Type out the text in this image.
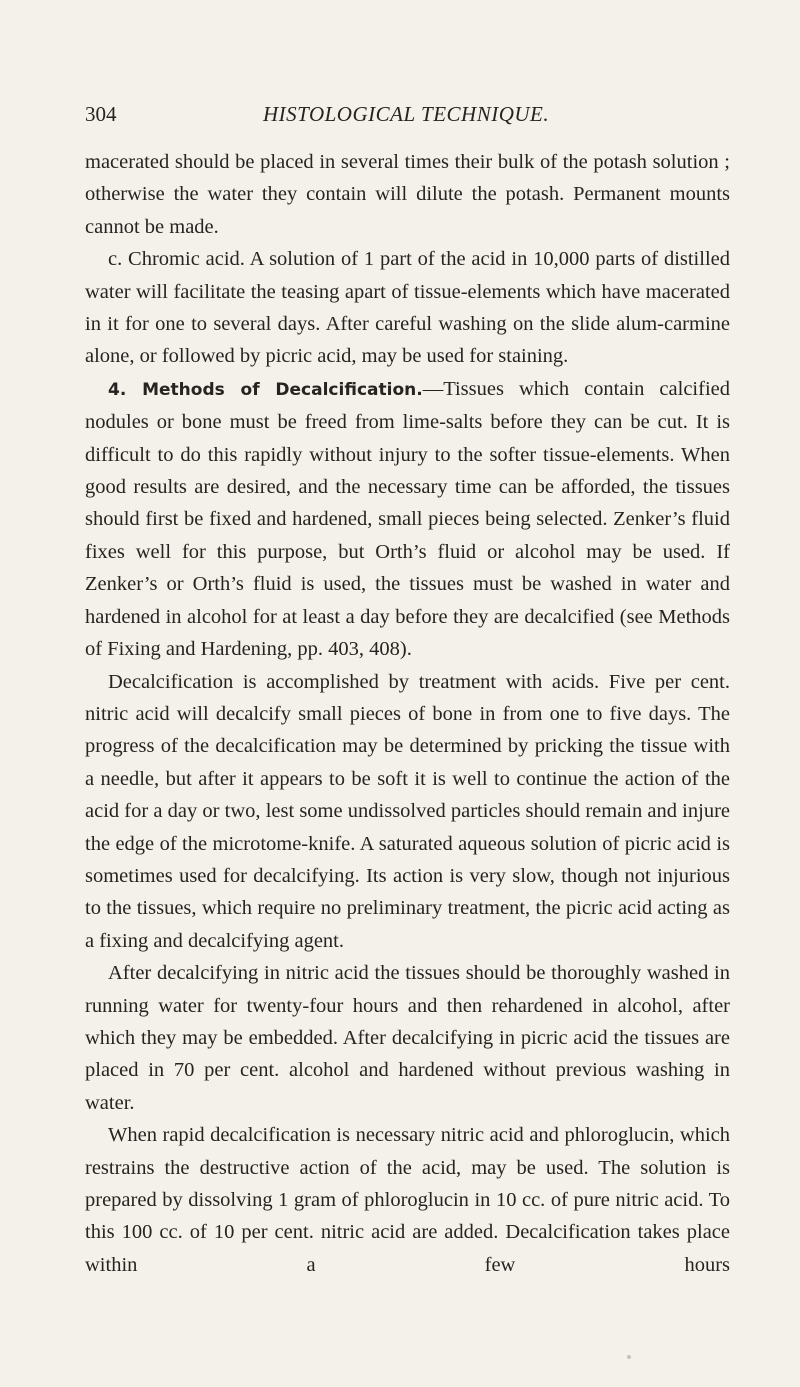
304	HISTOLOGICAL TECHNIQUE.

macerated should be placed in several times their bulk of the potash solution ; otherwise the water they contain will dilute the potash. Permanent mounts cannot be made.

c. Chromic acid. A solution of 1 part of the acid in 10,000 parts of distilled water will facilitate the teasing apart of tissue-elements which have macerated in it for one to several days. After careful washing on the slide alum-carmine alone, or followed by picric acid, may be used for staining.

4. Methods of Decalcification.—Tissues which contain calcified nodules or bone must be freed from lime-salts before they can be cut. It is difficult to do this rapidly without injury to the softer tissue-elements. When good results are desired, and the necessary time can be afforded, the tissues should first be fixed and hardened, small pieces being selected. Zenker’s fluid fixes well for this purpose, but Orth’s fluid or alcohol may be used. If Zenker’s or Orth’s fluid is used, the tissues must be washed in water and hardened in alcohol for at least a day before they are decalcified (see Methods of Fixing and Hardening, pp. 403, 408).

Decalcification is accomplished by treatment with acids. Five per cent. nitric acid will decalcify small pieces of bone in from one to five days. The progress of the decalcification may be determined by pricking the tissue with a needle, but after it appears to be soft it is well to continue the action of the acid for a day or two, lest some undissolved particles should remain and injure the edge of the microtome-knife. A saturated aqueous solution of picric acid is sometimes used for decalcifying. Its action is very slow, though not injurious to the tissues, which require no preliminary treatment, the picric acid acting as a fixing and decalcifying agent.

After decalcifying in nitric acid the tissues should be thoroughly washed in running water for twenty-four hours and then rehardened in alcohol, after which they may be embedded. After decalcifying in picric acid the tissues are placed in 70 per cent. alcohol and hardened without previous washing in water.

When rapid decalcification is necessary nitric acid and phloroglucin, which restrains the destructive action of the acid, may be used. The solution is prepared by dissolving 1 gram of phloroglucin in 10 cc. of pure nitric acid. To this 100 cc. of 10 per cent. nitric acid are added. Decalcification takes place within a few hours
